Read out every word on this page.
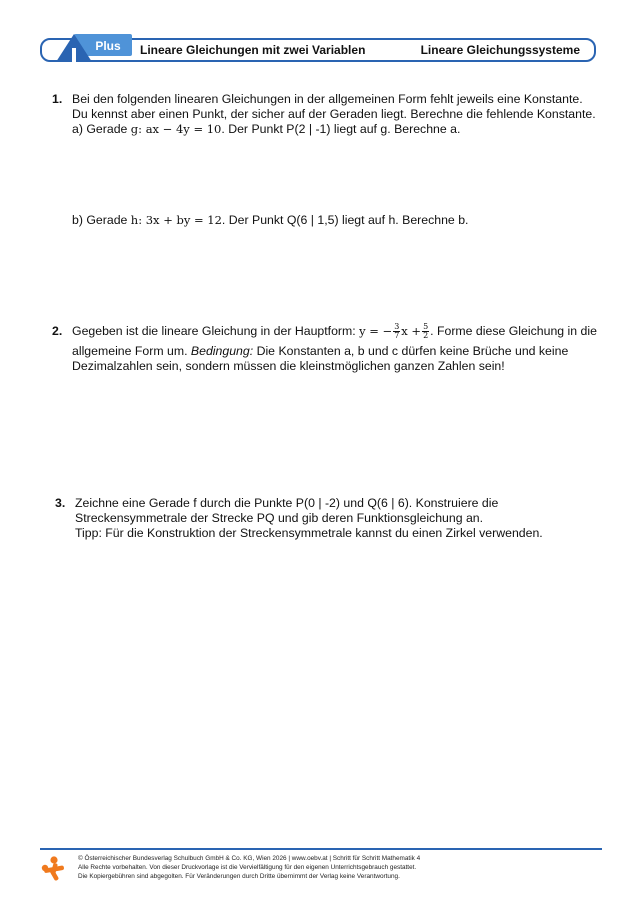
Plus Lineare Gleichungen mit zwei Variablen	Lineare Gleichungssysteme
1. Bei den folgenden linearen Gleichungen in der allgemeinen Form fehlt jeweils eine Konstante.
Du kennst aber einen Punkt, der sicher auf der Geraden liegt. Berechne die fehlende Konstante.
a) Gerade g: ax − 4y = 10. Der Punkt P(2 | -1) liegt auf g. Berechne a.
b) Gerade h: 3x + by = 12. Der Punkt Q(6 | 1,5) liegt auf h. Berechne b.
2. Gegeben ist die lineare Gleichung in der Hauptform: y = − $\frac{3}{7}$ $x + \frac{5}{2}$ . Forme diese Gleichung in die
allgemeine Form um. Bedingung: Die Konstanten a, b und c dürfen keine Brüche und keine
Dezimalzahlen sein, sondern müssen die kleinstmöglichen ganzen Zahlen sein!
3. Zeichne eine Gerade f durch die Punkte P(0 | -2) und Q(6 | 6). Konstruiere die
Streckensymmetrale der Strecke PQ und gib deren Funktionsgleichung an.
Tipp: Für die Konstruktion der Streckensymmetrale kannst du einen Zirkel verwenden.
© Österreichischer Bundesverlag Schulbuch GmbH & Co. KG, Wien 2026 | www.oebv.at | Schritt für Schritt Mathematik 4
Alle Rechte vorbehalten. Von dieser Druckvorlage ist die Vervielfältigung für den eigenen Unterrichtsgebrauch gestattet.
Die Kopiergebühren sind abgegolten. Für Veränderungen durch Dritte übernimmt der Verlag keine Verantwortung.
